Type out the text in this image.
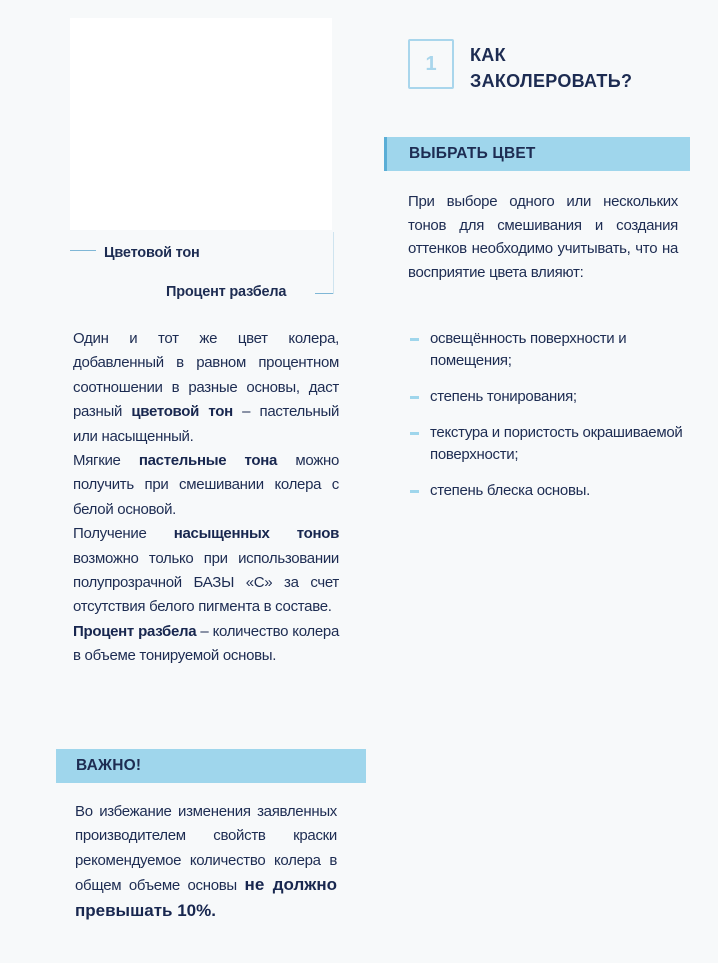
Цветовой тон
Процент разбела
Один и тот же цвет колера, добавленный в равном процентном соотношении в разные основы, даст разный цветовой тон – пастельный или насыщенный.
Мягкие пастельные тона можно получить при смешивании колера с белой основой.
Получение насыщенных тонов возможно только при использовании полупрозрачной БАЗЫ «С» за счет отсутствия белого пигмента в составе.
Процент разбела – количество колера в объеме тонируемой основы.
ВАЖНО!
Во избежание изменения заявленных производителем свойств краски рекомендуемое количество колера в общем объеме основы не должно превышать 10%.
1 КАК
ЗАКОЛЕРОВАТЬ?
ВЫБРАТЬ ЦВЕТ
При выборе одного или нескольких тонов для смешивания и создания оттенков необходимо учитывать, что на восприятие цвета влияют:
освещённость поверхности и помещения;
степень тонирования;
текстура и пористость окрашиваемой поверхности;
степень блеска основы.
